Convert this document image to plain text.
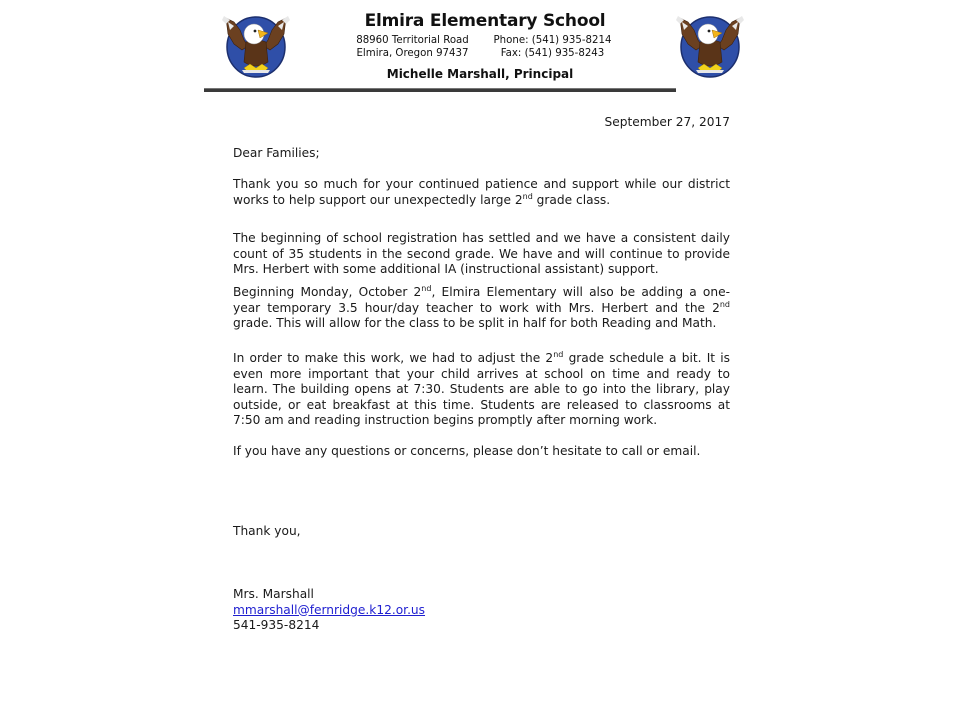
Elmira Elementary School
88960 Territorial Road	Phone: (541) 935-8214
Elmira, Oregon 97437	Fax: (541) 935-8243
Michelle Marshall, Principal
September 27, 2017
Dear Families;

Thank you so much for your continued patience and support while our district works to help support our unexpectedly large 2nd grade class.

The beginning of school registration has settled and we have a consistent daily count of 35 students in the second grade. We have and will continue to provide Mrs. Herbert with some additional IA (instructional assistant) support.

Beginning Monday, October 2nd, Elmira Elementary will also be adding a one-year temporary 3.5 hour/day teacher to work with Mrs. Herbert and the 2nd grade. This will allow for the class to be split in half for both Reading and Math.

In order to make this work, we had to adjust the 2nd grade schedule a bit. It is even more important that your child arrives at school on time and ready to learn. The building opens at 7:30. Students are able to go into the library, play outside, or eat breakfast at this time. Students are released to classrooms at 7:50 am and reading instruction begins promptly after morning work.

If you have any questions or concerns, please don’t hesitate to call or email.

Thank you,
Mrs. Marshall
mmarshall@fernridge.k12.or.us
541-935-8214
